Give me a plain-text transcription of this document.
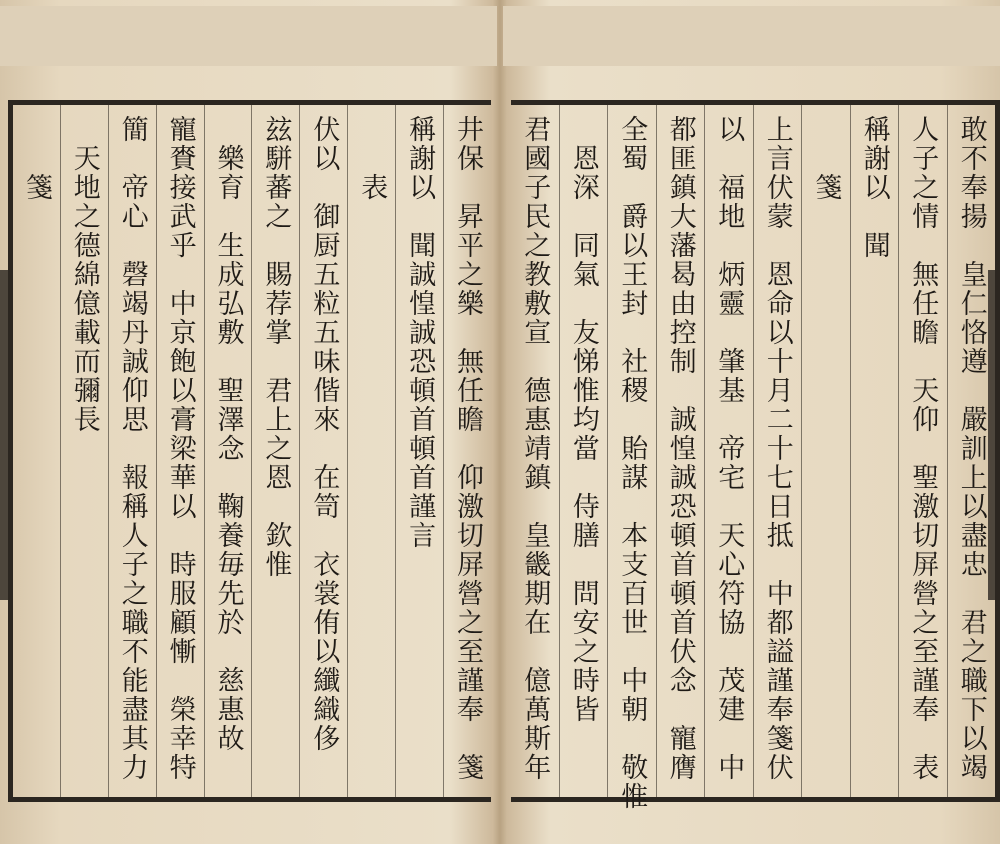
井保　昇平之樂　無任瞻　仰激切屏營之至謹奉　箋
稱謝以　聞誠惶誠恐頓首頓首謹言
　　表
伏以　御厨五粒五味偕來　在笥　衣裳侑以纖織侈
玆駢蕃之　賜荐掌　君上之恩　欽惟
　樂育　生成弘敷　聖澤念　鞠養毎先於　慈惠故
寵賚接武乎　中京飽以膏梁華以　時服顧慚　榮幸特
簡　帝心　磬竭丹誠仰思　報稱人子之職不能盡其力
　天地之德綿億載而彌長
　　箋	敢不奉揚　皇仁恪遵　嚴訓上以盡忠　君之職下以竭
人子之情　無任瞻　天仰　聖激切屏營之至謹奉　表
稱謝以　聞
　　箋
上言伏蒙　恩命以十月二十七日抵　中都謚謹奉箋伏
以　福地　炳靈　肇基　帝宅　天心符協　茂建　中
都匪鎮大藩曷由控制　誠惶誠恐頓首頓首伏念　寵膺
全蜀　爵以王封　社稷　貽謀　本支百世　中朝　敬惟
　恩深　同氣　友悌惟均當　侍膳　問安之時皆
君國子民之教敷宣　德惠靖鎮　皇畿期在　億萬斯年
